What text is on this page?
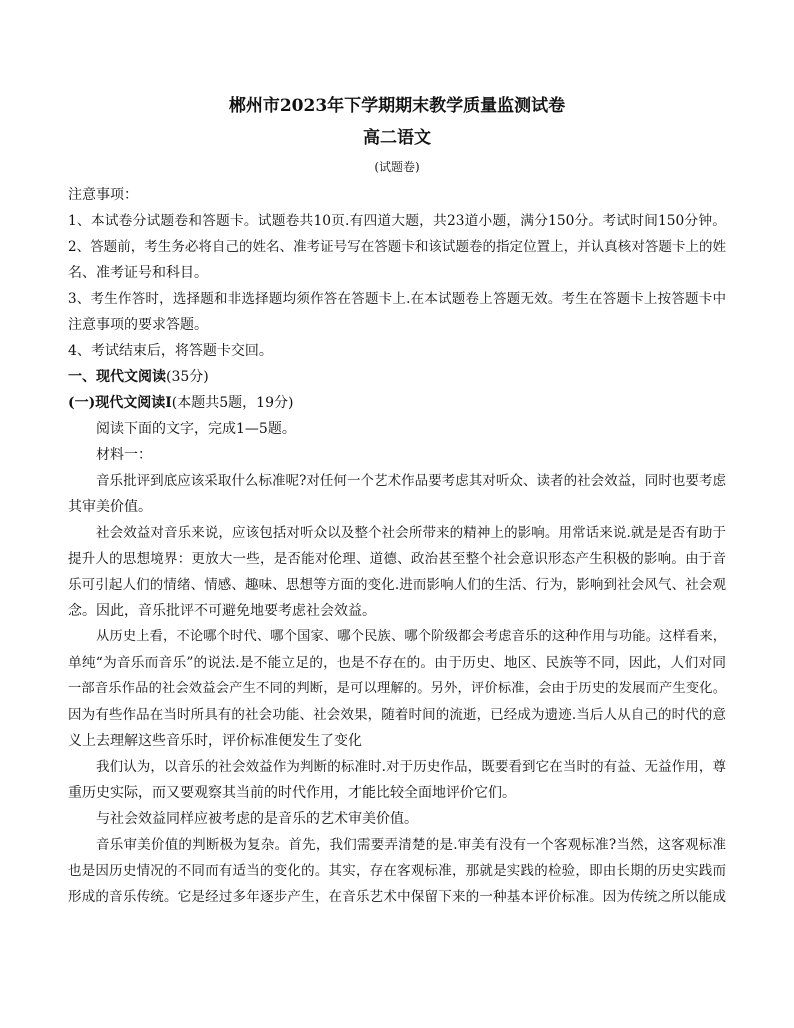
郴州市2023年下学期期末教学质量监测试卷

高二语文

(试题卷)

注意事项：

1、本试卷分试题卷和答题卡。试题卷共10页.有四道大题，共23道小题，满分150分。考试时间150分钟。

2、答题前，考生务必将自己的姓名、准考证号写在答题卡和该试题卷的指定位置上，并认真核对答题卡上的姓

名、准考证号和科目。

3、考生作答时，选择题和非选择题均须作答在答题卡上.在本试题卷上答题无效。考生在答题卡上按答题卡中

注意事项的要求答题。

4、考试结束后，将答题卡交回。

一、现代文阅读(35分)

(一)现代文阅读Ⅰ(本题共5题，19分)

阅读下面的文字，完成1—5题。

材料一：

音乐批评到底应该采取什么标准呢?对任何一个艺术作品要考虑其对听众、读者的社会效益，同时也要考虑

其审美价值。

社会效益对音乐来说，应该包括对听众以及整个社会所带来的精神上的影响。用常话来说.就是是否有助于

提升人的思想境界：更放大一些，是否能对伦理、道德、政治甚至整个社会意识形态产生积极的影响。由于音

乐可引起人们的情绪、情感、趣味、思想等方面的变化.进而影响人们的生活、行为，影响到社会风气、社会观

念。因此，音乐批评不可避免地要考虑社会效益。

从历史上看，不论哪个时代、哪个国家、哪个民族、哪个阶级都会考虑音乐的这种作用与功能。这样看来，

单纯“为音乐而音乐”的说法.是不能立足的，也是不存在的。由于历史、地区、民族等不同，因此，人们对同

一部音乐作品的社会效益会产生不同的判断，是可以理解的。另外，评价标准，会由于历史的发展而产生变化。

因为有些作品在当时所具有的社会功能、社会效果，随着时间的流逝，已经成为遗迹.当后人从自己的时代的意

义上去理解这些音乐时，评价标准便发生了变化

我们认为，以音乐的社会效益作为判断的标准时.对于历史作品，既要看到它在当时的有益、无益作用，尊

重历史实际，而又要观察其当前的时代作用，才能比较全面地评价它们。

与社会效益同样应被考虑的是音乐的艺术审美价值。

音乐审美价值的判断极为复杂。首先，我们需要弄清楚的是.审美有没有一个客观标准?当然，这客观标准

也是因历史情况的不同而有适当的变化的。其实，存在客观标准，那就是实践的检验，即由长期的历史实践而

形成的音乐传统。它是经过多年逐步产生，在音乐艺术中保留下来的一种基本评价标准。因为传统之所以能成
